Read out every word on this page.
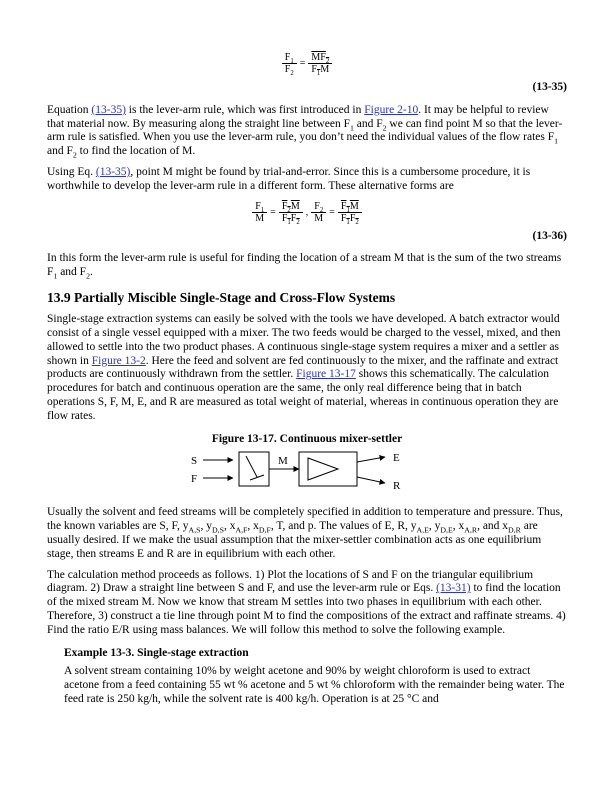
$\frac{F_1}{F_2} = \frac{MF_2}{F_1M}$
(13-35)

Equation (13-35) is the lever-arm rule, which was first introduced in Figure 2-10. It may be helpful to review that material now. By measuring along the straight line between $F_1$ and $F_2$ we can find point M so that the lever-arm rule is satisfied. When you use the lever-arm rule, you don’t need the individual values of the flow rates $F_1$ and $F_2$ to find the location of M.

Using Eq. (13-35), point M might be found by trial-and-error. Since this is a cumbersome procedure, it is worthwhile to develop the lever-arm rule in a different form. These alternative forms are

$\frac{F_1}{M} = \frac{F_2M}{F_1F_2}$ , $\frac{F_2}{M} = \frac{F_1M}{F_1F_2}$
(13-36)

In this form the lever-arm rule is useful for finding the location of a stream M that is the sum of the two streams $F_1$ and $F_2$.

13.9 Partially Miscible Single-Stage and Cross-Flow Systems

Single-stage extraction systems can easily be solved with the tools we have developed. A batch extractor would consist of a single vessel equipped with a mixer. The two feeds would be charged to the vessel, mixed, and then allowed to settle into the two product phases. A continuous single-stage system requires a mixer and a settler as shown in Figure 13-2. Here the feed and solvent are fed continuously to the mixer, and the raffinate and extract products are continuously withdrawn from the settler. Figure 13-17 shows this schematically. The calculation procedures for batch and continuous operation are the same, the only real difference being that in batch operations S, F, M, E, and R are measured as total weight of material, whereas in continuous operation they are flow rates.

Figure 13-17. Continuous mixer-settler
S
F
M	E
R

Usually the solvent and feed streams will be completely specified in addition to temperature and pressure. Thus, the known variables are S, F, $y_{A,S}$, $y_{D,S}$, $x_{A,F}$, $x_{D,F}$, T, and p. The values of E, R, $y_{A,E}$, $y_{D,E}$, $x_{A,R}$, and $x_{D,R}$ are usually desired. If we make the usual assumption that the mixer-settler combination acts as one equilibrium stage, then streams E and R are in equilibrium with each other.

The calculation method proceeds as follows. 1) Plot the locations of S and F on the triangular equilibrium diagram. 2) Draw a straight line between S and F, and use the lever-arm rule or Eqs. (13-31) to find the location of the mixed stream M. Now we know that stream M settles into two phases in equilibrium with each other. Therefore, 3) construct a tie line through point M to find the compositions of the extract and raffinate streams. 4) Find the ratio E/R using mass balances. We will follow this method to solve the following example.

Example 13-3. Single-stage extraction

A solvent stream containing 10% by weight acetone and 90% by weight chloroform is used to extract acetone from a feed containing 55 wt % acetone and 5 wt % chloroform with the remainder being water. The feed rate is 250 kg/h, while the solvent rate is 400 kg/h. Operation is at 25 °C and
